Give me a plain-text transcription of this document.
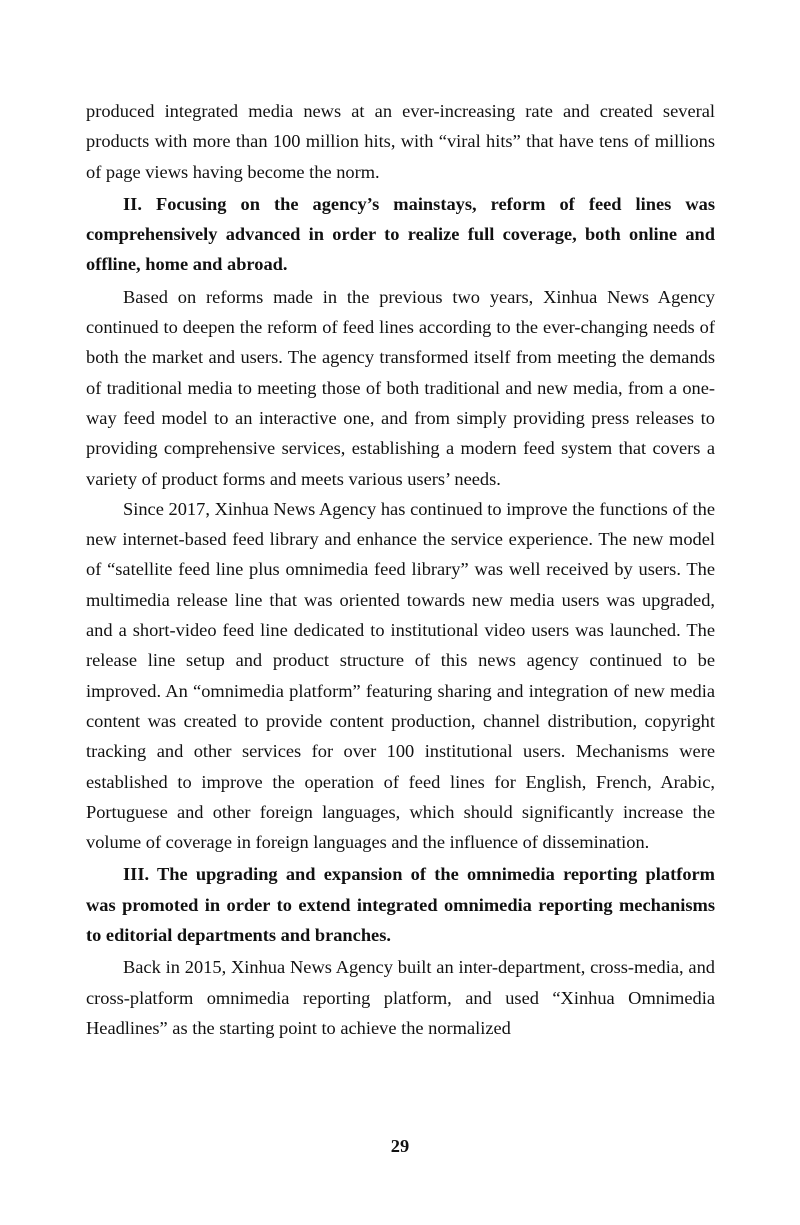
produced integrated media news at an ever-increasing rate and created several products with more than 100 million hits, with “viral hits” that have tens of millions of page views having become the norm.

II. Focusing on the agency’s mainstays, reform of feed lines was comprehensively advanced in order to realize full coverage, both online and offline, home and abroad.

Based on reforms made in the previous two years, Xinhua News Agency continued to deepen the reform of feed lines according to the ever-changing needs of both the market and users. The agency transformed itself from meeting the demands of traditional media to meeting those of both traditional and new media, from a one-way feed model to an interactive one, and from simply providing press releases to providing comprehensive services, establishing a modern feed system that covers a variety of product forms and meets various users’ needs.

Since 2017, Xinhua News Agency has continued to improve the functions of the new internet-based feed library and enhance the service experience. The new model of “satellite feed line plus omnimedia feed library” was well received by users. The multimedia release line that was oriented towards new media users was upgraded, and a short-video feed line dedicated to institutional video users was launched. The release line setup and product structure of this news agency continued to be improved. An “omnimedia platform” featuring sharing and integration of new media content was created to provide content production, channel distribution, copyright tracking and other services for over 100 institutional users. Mechanisms were established to improve the operation of feed lines for English, French, Arabic, Portuguese and other foreign languages, which should significantly increase the volume of coverage in foreign languages and the influence of dissemination.

III. The upgrading and expansion of the omnimedia reporting platform was promoted in order to extend integrated omnimedia reporting mechanisms to editorial departments and branches.

Back in 2015, Xinhua News Agency built an inter-department, cross-media, and cross-platform omnimedia reporting platform, and used “Xinhua Omnimedia Headlines” as the starting point to achieve the normalized

29
